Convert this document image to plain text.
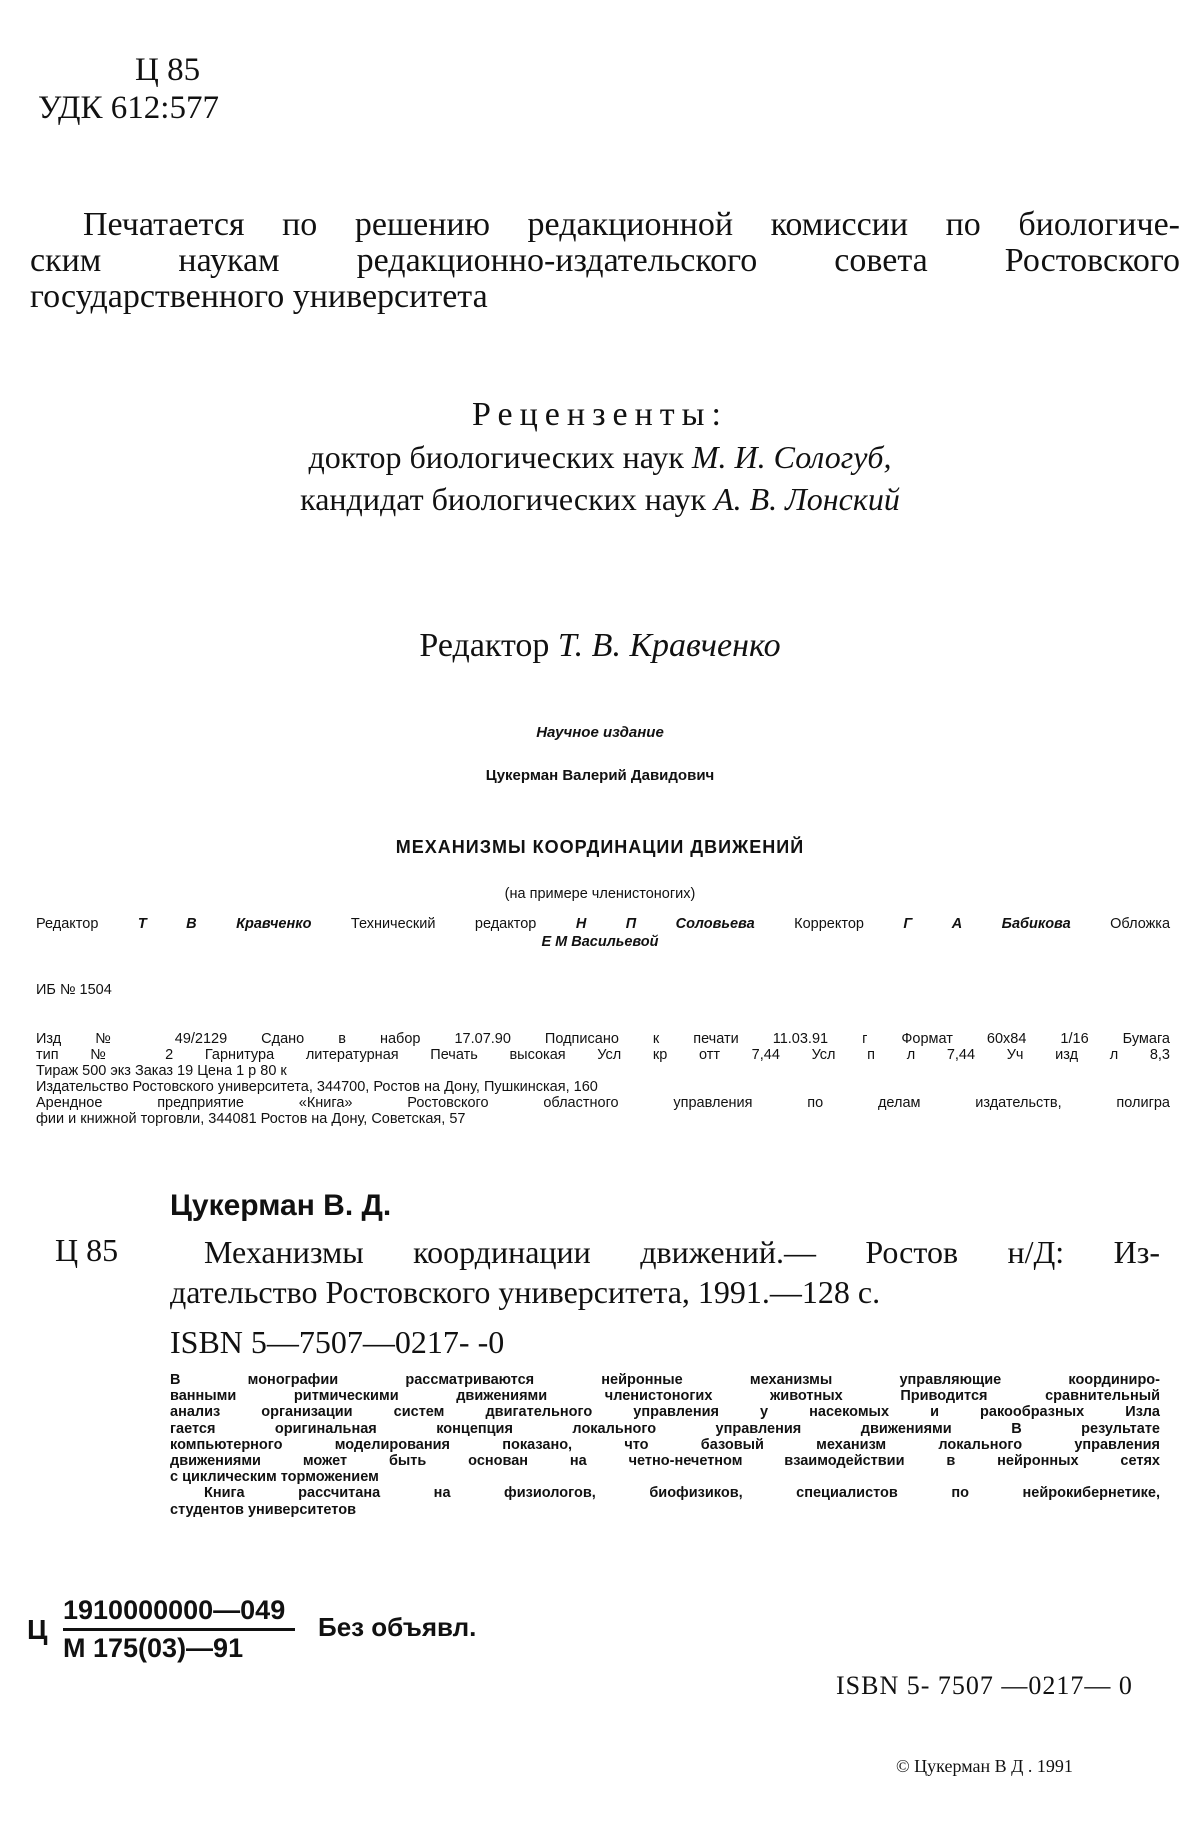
Ц 85
УДК 612:577
Печатается по решению редакционной комиссии по биологиче-
ским наукам редакционно-издательского совета Ростовского
государственного университета
Рецензенты:
доктор биологических наук М. И. Сологуб,
кандидат биологических наук А. В. Лонский
Редактор Т. В. Кравченко
Научное издание
Цукерман Валерий Давидович
МЕХАНИЗМЫ КООРДИНАЦИИ ДВИЖЕНИЙ
(на примере членистоногих)
Редактор	Т В Кравченко	Технический редактор	Н П Соловьева	Корректор	Г А Бабикова	Обложка
Е М Васильевой
ИБ № 1504
Изд № 49/2129 Сдано в набор 17.07.90 Подписано к печати 11.03.91 г Формат 60х84 1/16 Бумага
тип № 2 Гарнитура литературная Печать высокая Усл кр отт 7,44 Усл п л 7,44 Уч изд л 8,3
Тираж 500 экз Заказ 19 Цена 1 р 80 к
Издательство Ростовского университета, 344700, Ростов на Дону, Пушкинская, 160
Арендное предприятие «Книга» Ростовского областного управления по делам издательств, полигра
фии и книжной торговли, 344081 Ростов на Дону, Советская, 57
Цукерман В. Д.
Ц 85	Механизмы координации движений.— Ростов н/Д: Из-
дательство Ростовского университета, 1991.—128 с.
ISBN 5—7507—0217- -0
В монографии рассматриваются нейронные механизмы управляющие координиро-
ванными ритмическими движениями членистоногих животных Приводится сравнительный
анализ организации систем двигательного управления у насекомых и ракообразных Изла
гается оригинальная концепция локального управления движениями В результате
компьютерного моделирования показано, что базовый механизм локального управления
движениями может быть основан на четно-нечетном взаимодействии в нейронных сетях
с циклическим торможением
Книга рассчитана на физиологов, биофизиков, специалистов по нейрокибернетике,
студентов университетов
Ц
1910000000—049
М 175(03)—91
Без объявл.
ISBN 5- 7507 —0217— 0
© Цукерман В Д . 1991
